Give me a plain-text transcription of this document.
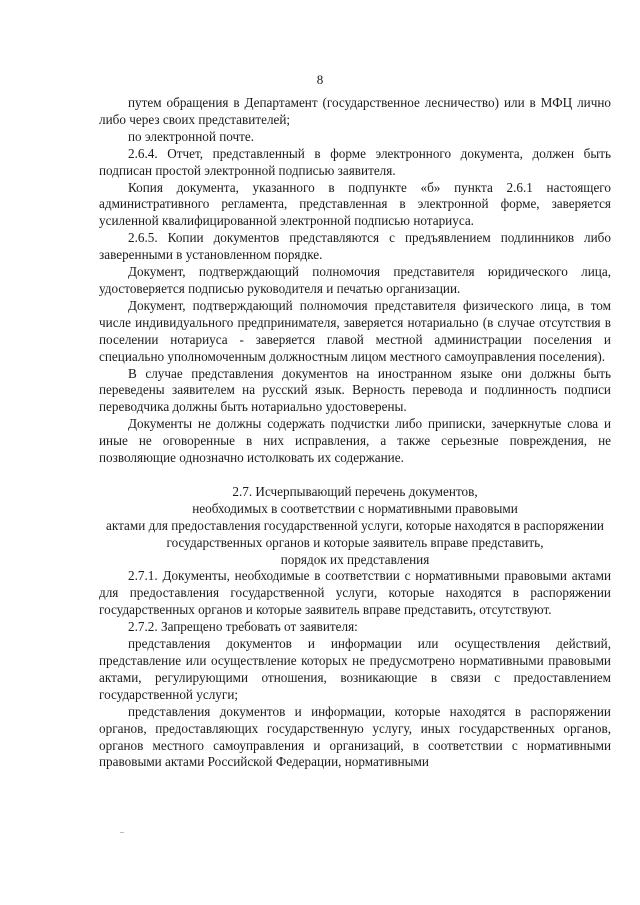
8

путем обращения в Департамент (государственное лесничество) или в МФЦ лично либо через своих представителей;

по электронной почте.

2.6.4. Отчет, представленный в форме электронного документа, должен быть подписан простой электронной подписью заявителя.

Копия документа, указанного в подпункте «б» пункта 2.6.1 настоящего административного регламента, представленная в электронной форме, заверяется усиленной квалифицированной электронной подписью нотариуса.

2.6.5. Копии документов представляются с предъявлением подлинников либо заверенными в установленном порядке.

Документ, подтверждающий полномочия представителя юридического лица, удостоверяется подписью руководителя и печатью организации.

Документ, подтверждающий полномочия представителя физического лица, в том числе индивидуального предпринимателя, заверяется нотариально (в случае отсутствия в поселении нотариуса - заверяется главой местной администрации поселения и специально уполномоченным должностным лицом местного самоуправления поселения).

В случае представления документов на иностранном языке они должны быть переведены заявителем на русский язык. Верность перевода и подлинность подписи переводчика должны быть нотариально удостоверены.

Документы не должны содержать подчистки либо приписки, зачеркнутые слова и иные не оговоренные в них исправления, а также серьезные повреждения, не позволяющие однозначно истолковать их содержание.

2.7. Исчерпывающий перечень документов,
необходимых в соответствии с нормативными правовыми
актами для предоставления государственной услуги, которые находятся в распоряжении государственных органов и которые заявитель вправе представить,
порядок их представления

2.7.1. Документы, необходимые в соответствии с нормативными правовыми актами для предоставления государственной услуги, которые находятся в распоряжении государственных органов и которые заявитель вправе представить, отсутствуют.

2.7.2. Запрещено требовать от заявителя:

представления документов и информации или осуществления действий, представление или осуществление которых не предусмотрено нормативными правовыми актами, регулирующими отношения, возникающие в связи с предоставлением государственной услуги;

представления документов и информации, которые находятся в распоряжении органов, предоставляющих государственную услугу, иных государственных органов, органов местного самоуправления и организаций, в соответствии с нормативными правовыми актами Российской Федерации, нормативными
